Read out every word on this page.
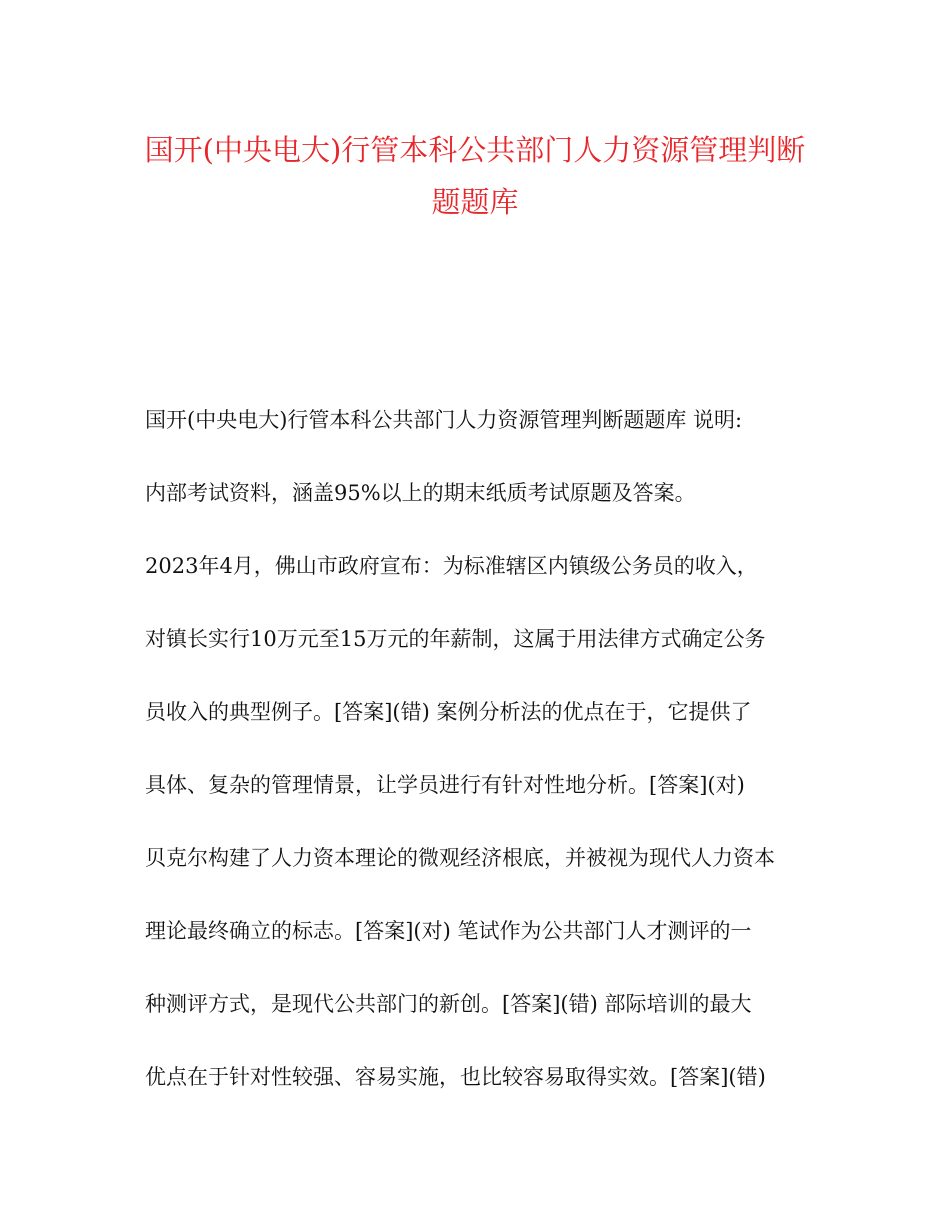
国开(中央电大)行管本科公共部门人力资源管理判断
题题库
国开(中央电大)行管本科公共部门人力资源管理判断题题库 说明:
内部考试资料，涵盖95%以上的期末纸质考试原题及答案。
2023年4月，佛山市政府宣布：为标准辖区内镇级公务员的收入，
对镇长实行10万元至15万元的年薪制，这属于用法律方式确定公务
员收入的典型例子。[答案](错) 案例分析法的优点在于，它提供了
具体、复杂的管理情景，让学员进行有针对性地分析。[答案](对)
贝克尔构建了人力资本理论的微观经济根底，并被视为现代人力资本
理论最终确立的标志。[答案](对) 笔试作为公共部门人才测评的一
种测评方式，是现代公共部门的新创。[答案](错) 部际培训的最大
优点在于针对性较强、容易实施，也比较容易取得实效。[答案](错)
